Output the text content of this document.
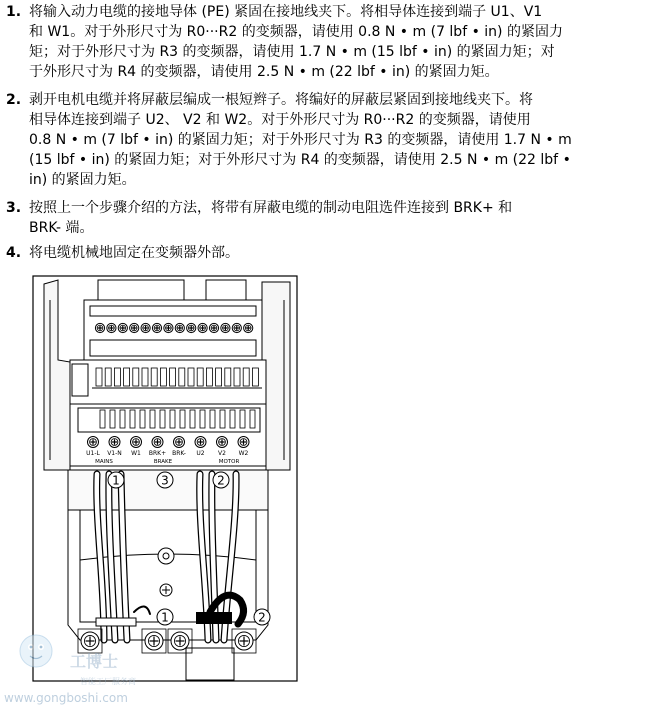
1. 将输入动力电缆的接地导体 (PE) 紧固在接地线夹下。将相导体连接到端子 U1、V1
和 W1。对于外形尺寸为 R0···R2 的变频器，请使用 0.8 N • m (7 lbf • in) 的紧固力
矩；对于外形尺寸为 R3 的变频器，请使用 1.7 N • m (15 lbf • in) 的紧固力矩；对
于外形尺寸为 R4 的变频器，请使用 2.5 N • m (22 lbf • in) 的紧固力矩。
2. 剥开电机电缆并将屏蔽层编成一根短辫子。将编好的屏蔽层紧固到接地线夹下。将
相导体连接到端子 U2、 V2 和 W2。对于外形尺寸为 R0···R2 的变频器，请使用
0.8 N • m (7 lbf • in) 的紧固力矩；对于外形尺寸为 R3 的变频器，请使用 1.7 N • m
(15 lbf • in) 的紧固力矩；对于外形尺寸为 R4 的变频器，请使用 2.5 N • m (22 lbf •
in) 的紧固力矩。
3. 按照上一个步骤介绍的方法，将带有屏蔽电缆的制动电阻选件连接到 BRK+ 和
BRK- 端。
4. 将电缆机械地固定在变频器外部。
U1-L V1-N W1 BRK+ BRK- U2 V2 W2
MAINS	BRAKE	MOTOR
1	3	2
1	2
工博士
智能工厂服务商
www.gongboshi.com
